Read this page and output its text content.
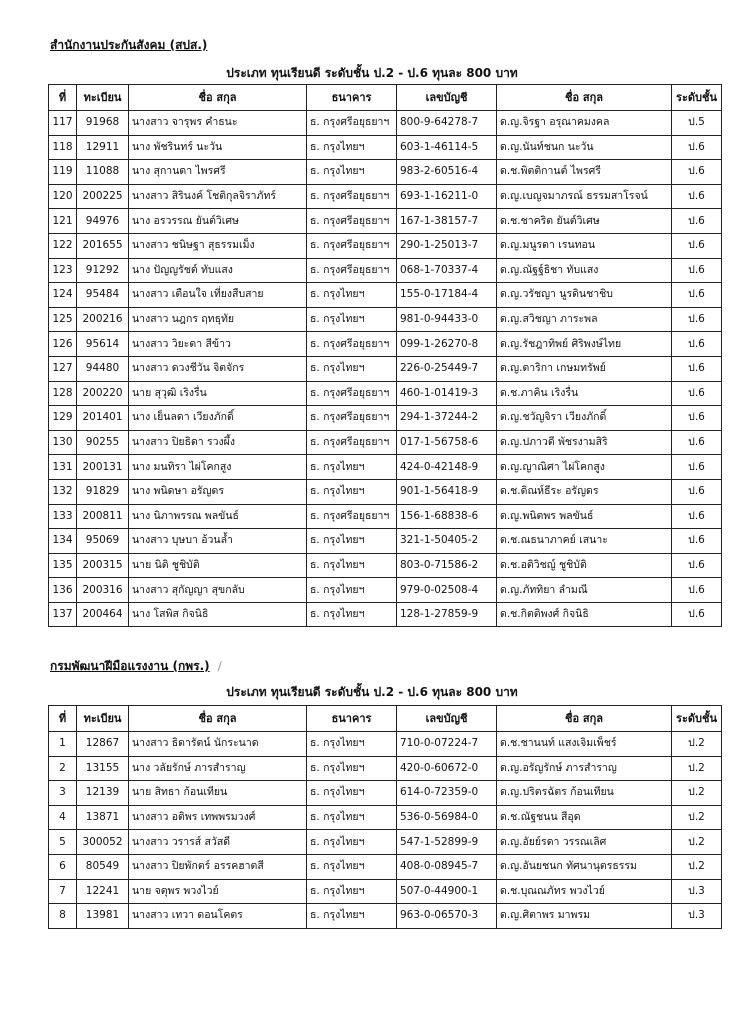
สำนักงานประกันสังคม (สปส.)
ประเภท ทุนเรียนดี ระดับชั้น ป.2 - ป.6 ทุนละ 800 บาท
ที่	ทะเบียน	ชื่อ สกุล	ธนาคาร	เลขบัญชี	ชื่อ สกุล	ระดับชั้น
117	91968	นางสาว จารุพร คำธนะ	ธ. กรุงศรีอยุธยาฯ	800-9-64278-7	ด.ญ.จิรฐา อรุณาคมงคล	ป.5
118	12911	นาง พัชรินทร์ นะวัน	ธ. กรุงไทยฯ	603-1-46114-5	ด.ญ.นันท์ชนก นะวัน	ป.6
119	11088	นาง สุกานดา ไพรศรี	ธ. กรุงไทยฯ	983-2-60516-4	ด.ช.พิตติกานต์ ไพรศรี	ป.6
120	200225	นางสาว สิรินงค์ โชติกุลจิราภัทร์	ธ. กรุงศรีอยุธยาฯ	693-1-16211-0	ด.ญ.เบญจมาภรณ์ ธรรมสาโรจน์	ป.6
121	94976	นาง อรวรรณ ยันต์วิเศษ	ธ. กรุงศรีอยุธยาฯ	167-1-38157-7	ด.ช.ชาคริต ยันต์วิเศษ	ป.6
122	201655	นางสาว ชนิษฐา สุธรรมเม็ง	ธ. กรุงศรีอยุธยาฯ	290-1-25013-7	ด.ญ.มนูรดา เรนทอน	ป.6
123	91292	นาง ปัญญรัชต์ ทับแสง	ธ. กรุงศรีอยุธยาฯ	068-1-70337-4	ด.ญ.ณัฐฐ์ธิชา ทับแสง	ป.6
124	95484	นางสาว เตือนใจ เที่ยงสืบสาย	ธ. กรุงไทยฯ	155-0-17184-4	ด.ญ.วรัชญา นูรดินชาชิบ	ป.6
125	200216	นางสาว นฎกร ฤทธุทัย	ธ. กรุงไทยฯ	981-0-94433-0	ด.ญ.สวิชญา ภาระพล	ป.6
126	95614	นางสาว วิยะดา สีข้าว	ธ. กรุงศรีอยุธยาฯ	099-1-26270-8	ด.ญ.รัชฎาทิพย์ ศิริพงษ์ไทย	ป.6
127	94480	นางสาว ดวงชีวัน จิตจักร	ธ. กรุงไทยฯ	226-0-25449-7	ด.ญ.ดาริกา เกษมทรัพย์	ป.6
128	200220	นาย สุวุฒิ เริงรื่น	ธ. กรุงศรีอยุธยาฯ	460-1-01419-3	ด.ช.ภาคิน เริงรื่น	ป.6
129	201401	นาง เย็นลดา เวียงภักดิ์	ธ. กรุงศรีอยุธยาฯ	294-1-37244-2	ด.ญ.ชวัญจิรา เวียงภักดิ์	ป.6
130	90255	นางสาว ปิยธิดา รวงผึ้ง	ธ. กรุงศรีอยุธยาฯ	017-1-56758-6	ด.ญ.ปภาวดี พัชรงามสิริ	ป.6
131	200131	นาง มนทิรา ไผ่โคกสูง	ธ. กรุงไทยฯ	424-0-42148-9	ด.ญ.ญาณิศา ไผ่โคกสูง	ป.6
132	91829	นาง พนิดษา อรัญดร	ธ. กรุงไทยฯ	901-1-56418-9	ด.ช.ดิณห์ธีระ อรัญดร	ป.6
133	200811	นาง นิภาพรรณ พลขันธ์	ธ. กรุงศรีอยุธยาฯ	156-1-68838-6	ด.ญ.พนิตพร พลขันธ์	ป.6
134	95069	นางสาว บุษบา อ้วนล้ำ	ธ. กรุงไทยฯ	321-1-50405-2	ด.ช.ณธนาภาคย์ เสนาะ	ป.6
135	200315	นาย นิติ ชูชิบัติ	ธ. กรุงไทยฯ	803-0-71586-2	ด.ช.อติวิชญ์ ชูชิบัติ	ป.6
136	200316	นางสาว สุกัญญา สุขกลับ	ธ. กรุงไทยฯ	979-0-02508-4	ด.ญ.ภัททิยา ลำมณี	ป.6
137	200464	นาง โสพิส กิจนิธิ	ธ. กรุงไทยฯ	128-1-27859-9	ด.ช.กิตติพงศ์ กิจนิธิ	ป.6
กรมพัฒนาฝีมือแรงงาน (กพร.) ∕
ประเภท ทุนเรียนดี ระดับชั้น ป.2 - ป.6 ทุนละ 800 บาท
ที่	ทะเบียน	ชื่อ สกุล	ธนาคาร	เลขบัญชี	ชื่อ สกุล	ระดับชั้น
1	12867	นางสาว ธิดารัตน์ นักระนาด	ธ. กรุงไทยฯ	710-0-07224-7	ด.ช.ชานนท์ แสงเจิมเพ็ชร์	ป.2
2	13155	นาง วลัยรักษ์ ภารสำราญ	ธ. กรุงไทยฯ	420-0-60672-0	ด.ญ.อรัญรักษ์ ภารสำราญ	ป.2
3	12139	นาย สิทธา ก้อนเทียน	ธ. กรุงไทยฯ	614-0-72359-0	ด.ญ.ปริตรฉัตร ก้อนเทียน	ป.2
4	13871	นางสาว อติพร เทพพรมวงศ์	ธ. กรุงไทยฯ	536-0-56984-0	ด.ช.ณัฐชนน สีอุด	ป.2
5	300052	นางสาว วรารส์ สวัสดี	ธ. กรุงไทยฯ	547-1-52899-9	ด.ญ.อัยย์รดา วรรณเลิศ	ป.2
6	80549	นางสาว ปิยพักตร์ อรรคฮาตสี	ธ. กรุงไทยฯ	408-0-08945-7	ด.ญ.อันยชนก ทัศนานุตรธรรม	ป.2
7	12241	นาย จตุพร พวงไวย์	ธ. กรุงไทยฯ	507-0-44900-1	ด.ช.บุณณภัทร พวงไวย์	ป.3
8	13981	นางสาว เทวา ดอนโคตร	ธ. กรุงไทยฯ	963-0-06570-3	ด.ญ.ศิตาพร มาพรม	ป.3
